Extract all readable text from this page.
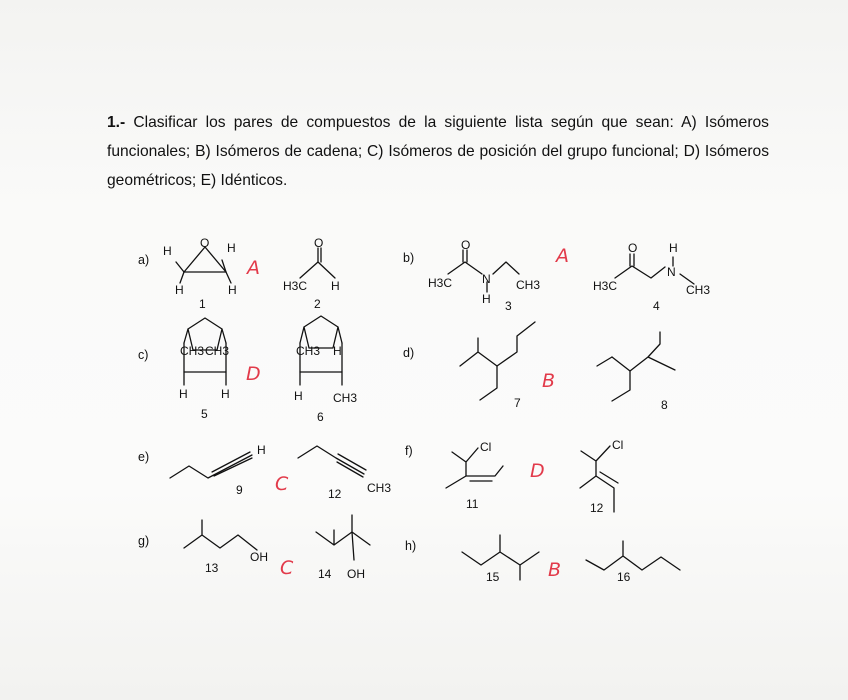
1.- Clasificar los pares de compuestos de la siguiente lista según que sean: A) Isómeros funcionales; B) Isómeros de cadena; C) Isómeros de posición del grupo funcional; D) Isómeros geométricos; E) Idénticos.
a)	b)
c)	d)
e)	f)
g)	h)
H
O H
H	H
1
O
H3C H
2
A
O
H3C N CH3
H 3
A	O
H3C
H
N
CH3
4
CH3 CH3
H	H
5
D
CH3 H
H	CH3
6
7
B
8
H
9 C	CH3
12
Cl
11
D
Cl
12
OH
13	C 14 OH	15	B	16
